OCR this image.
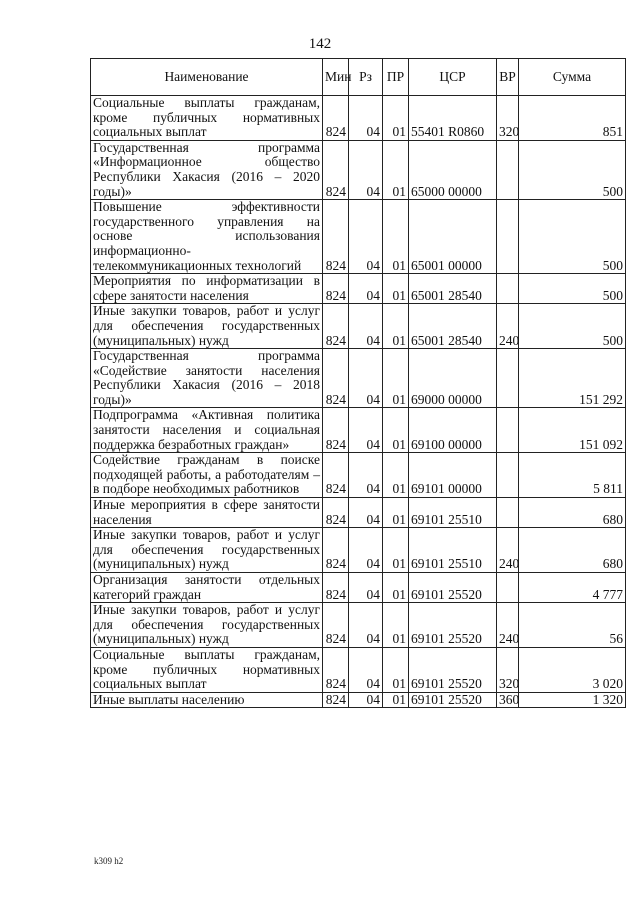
142
Наименование	Мин	Рз	ПР	ЦСР	ВР	Сумма
Социальные выплаты гражданам, кроме публичных нормативных социальных выплат	824	04	01	55401 R0860	320	851
Государственная программа «Информационное общество Республики Хакасия (2016 – 2020 годы)»	824	04	01	65000 00000		500
Повышение эффективности государственного управления на основе использования информационно-телекоммуникационных технологий	824	04	01	65001 00000		500
Мероприятия по информатизации в сфере занятости населения	824	04	01	65001 28540		500
Иные закупки товаров, работ и услуг для обеспечения государственных (муниципальных) нужд	824	04	01	65001 28540	240	500
Государственная программа «Содействие занятости населения Республики Хакасия (2016 – 2018 годы)»	824	04	01	69000 00000		151 292
Подпрограмма «Активная политика занятости населения и социальная поддержка безработных граждан»	824	04	01	69100 00000		151 092
Содействие гражданам в поиске подходящей работы, а работодателям – в подборе необходимых работников	824	04	01	69101 00000		5 811
Иные мероприятия в сфере занятости населения	824	04	01	69101 25510		680
Иные закупки товаров, работ и услуг для обеспечения государственных (муниципальных) нужд	824	04	01	69101 25510	240	680
Организация занятости отдельных категорий граждан	824	04	01	69101 25520		4 777
Иные закупки товаров, работ и услуг для обеспечения государственных (муниципальных) нужд	824	04	01	69101 25520	240	56
Социальные выплаты гражданам, кроме публичных нормативных социальных выплат	824	04	01	69101 25520	320	3 020
Иные выплаты населению	824	04	01	69101 25520	360	1 320
k309 h2
